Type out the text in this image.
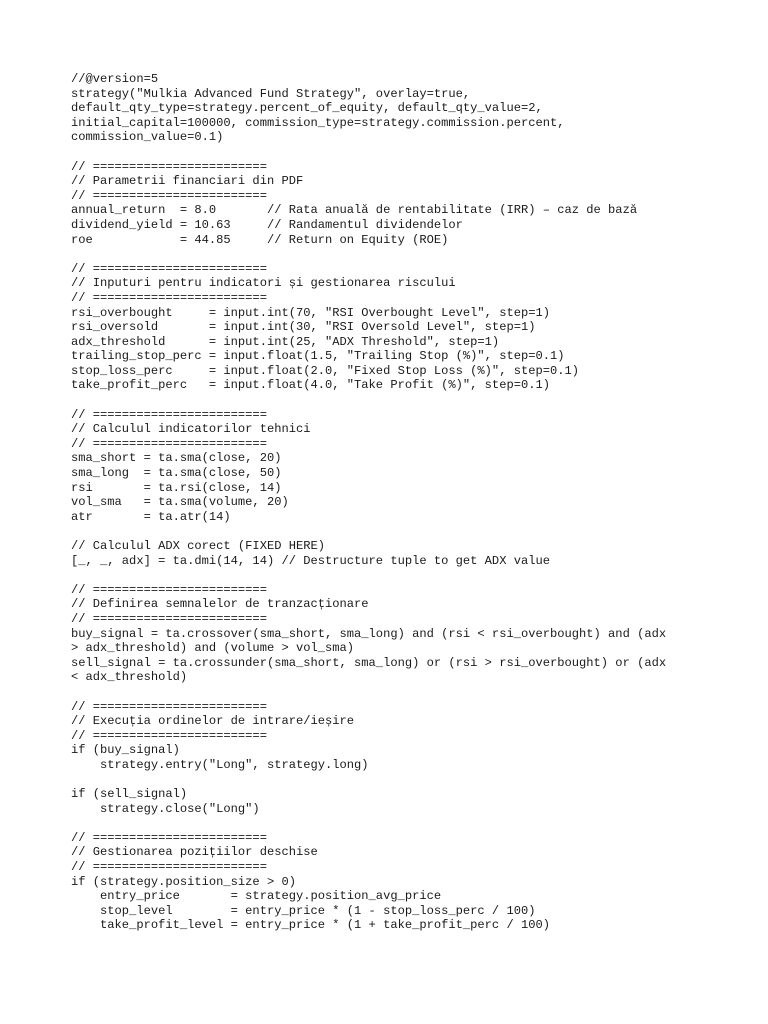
//@version=5
strategy("Mulkia Advanced Fund Strategy", overlay=true,
default_qty_type=strategy.percent_of_equity, default_qty_value=2,
initial_capital=100000, commission_type=strategy.commission.percent,
commission_value=0.1)
// ========================
// Parametrii financiari din PDF
// ========================
annual_return  = 8.0       // Rata anuală de rentabilitate (IRR) – caz de bază
dividend_yield = 10.63     // Randamentul dividendelor
roe            = 44.85     // Return on Equity (ROE)
// ========================
// Inputuri pentru indicatori și gestionarea riscului
// ========================
rsi_overbought     = input.int(70, "RSI Overbought Level", step=1)
rsi_oversold       = input.int(30, "RSI Oversold Level", step=1)
adx_threshold      = input.int(25, "ADX Threshold", step=1)
trailing_stop_perc = input.float(1.5, "Trailing Stop (%)", step=0.1)
stop_loss_perc     = input.float(2.0, "Fixed Stop Loss (%)", step=0.1)
take_profit_perc   = input.float(4.0, "Take Profit (%)", step=0.1)
// ========================
// Calculul indicatorilor tehnici
// ========================
sma_short = ta.sma(close, 20)
sma_long  = ta.sma(close, 50)
rsi       = ta.rsi(close, 14)
vol_sma   = ta.sma(volume, 20)
atr       = ta.atr(14)
// Calculul ADX corect (FIXED HERE)
[_, _, adx] = ta.dmi(14, 14) // Destructure tuple to get ADX value
// ========================
// Definirea semnalelor de tranzacționare
// ========================
buy_signal = ta.crossover(sma_short, sma_long) and (rsi < rsi_overbought) and (adx
> adx_threshold) and (volume > vol_sma)
sell_signal = ta.crossunder(sma_short, sma_long) or (rsi > rsi_overbought) or (adx
< adx_threshold)
// ========================
// Execuția ordinelor de intrare/ieșire
// ========================
if (buy_signal)
strategy.entry("Long", strategy.long)
if (sell_signal)
strategy.close("Long")
// ========================
// Gestionarea pozițiilor deschise
// ========================
if (strategy.position_size > 0)
entry_price       = strategy.position_avg_price
stop_level        = entry_price * (1 - stop_loss_perc / 100)
take_profit_level = entry_price * (1 + take_profit_perc / 100)
